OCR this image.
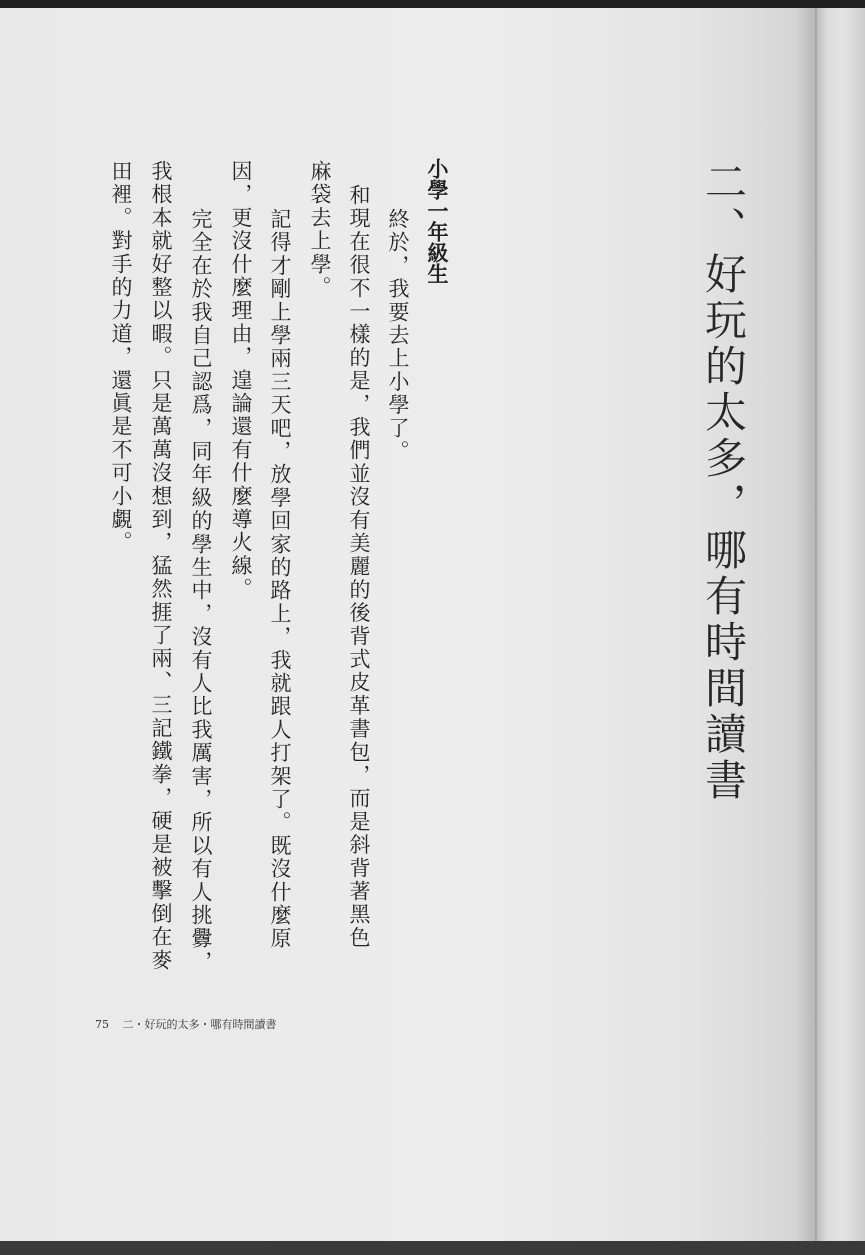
二、好玩的太多，哪有時間讀書
小學一年級生
終於，我要去上小學了。
和現在很不一樣的是，我們並沒有美麗的後背式皮革書包，而是斜背著黑色
麻袋去上學。
記得才剛上學兩三天吧，放學回家的路上，我就跟人打架了。既沒什麼原
因，更沒什麼理由，遑論還有什麼導火線。
完全在於我自己認爲，同年級的學生中，沒有人比我厲害，所以有人挑釁，
我根本就好整以暇。只是萬萬沒想到，猛然捱了兩、三記鐵拳，硬是被擊倒在麥
田裡。對手的力道，還眞是不可小覷。
75 二・好玩的太多・哪有時間讀書
